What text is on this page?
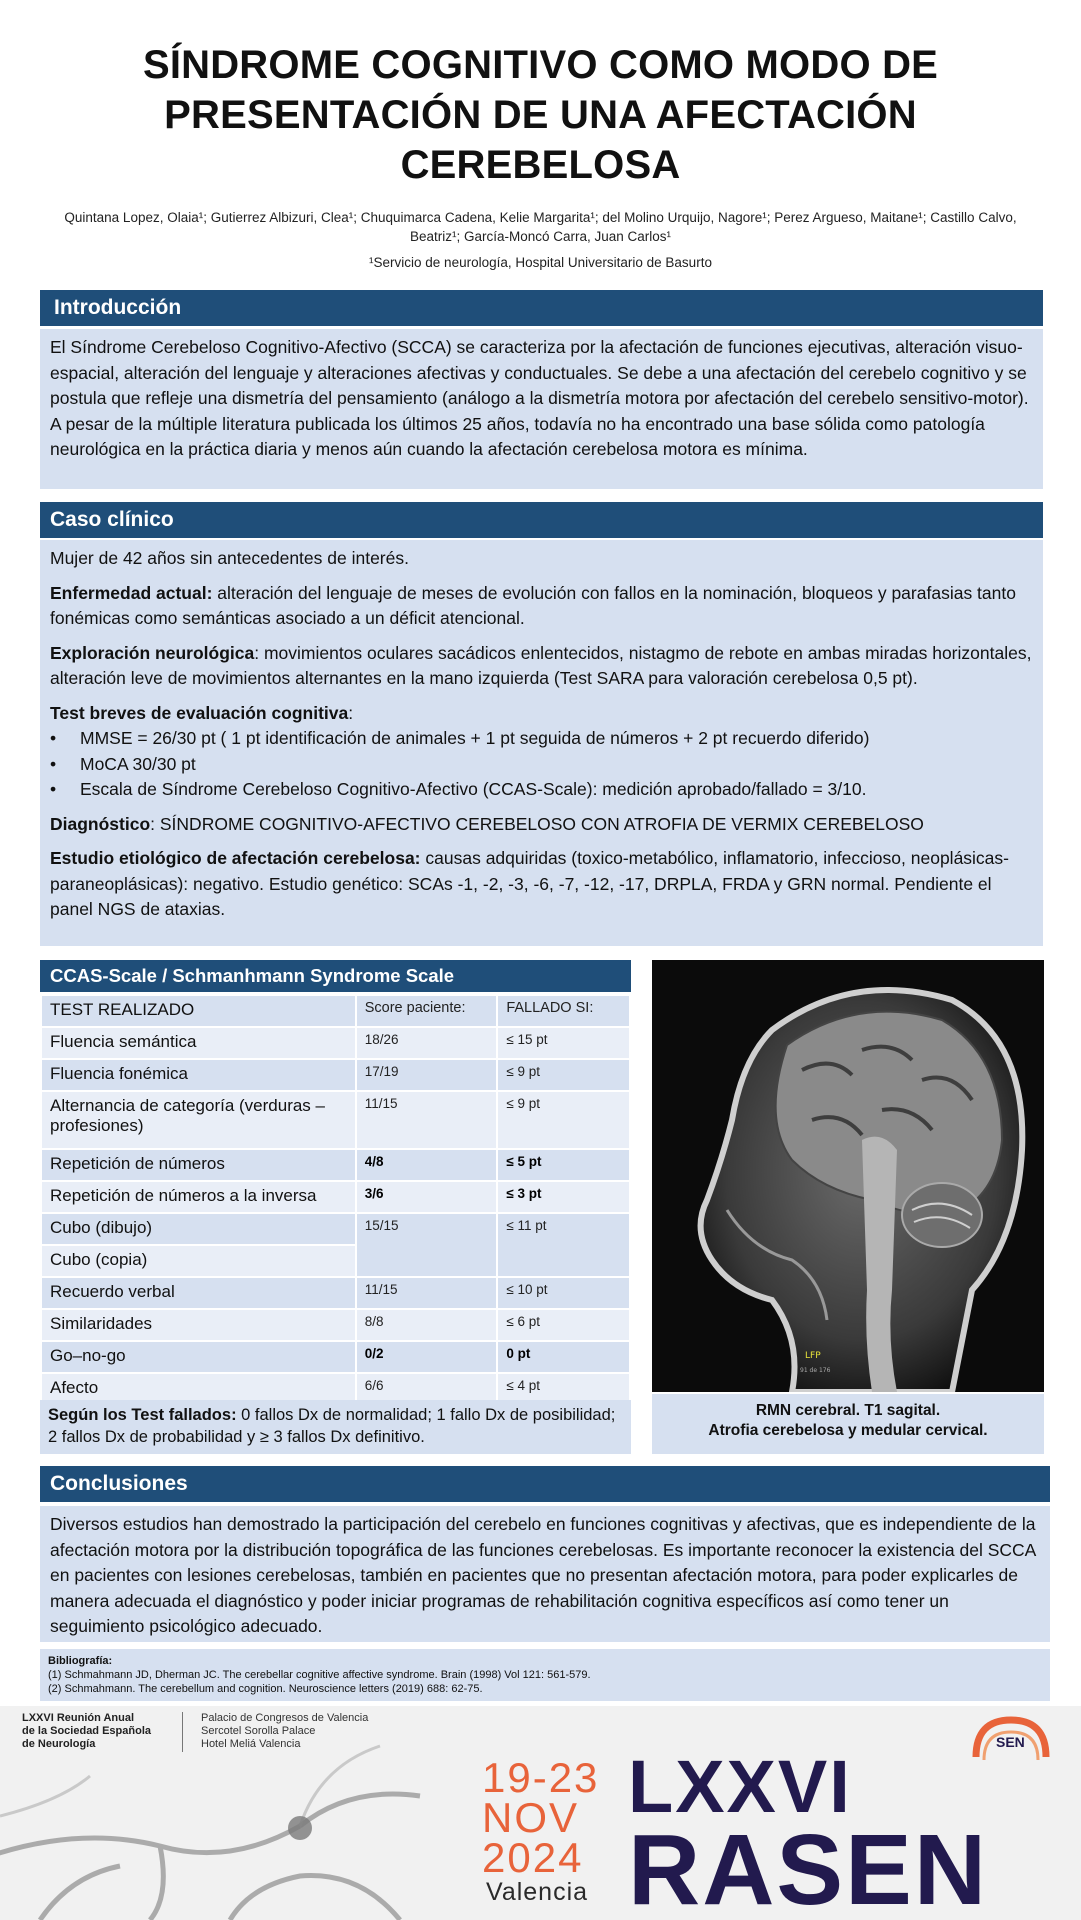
SÍNDROME COGNITIVO COMO MODO DE PRESENTACIÓN DE UNA AFECTACIÓN CEREBELOSA
Quintana Lopez, Olaia¹; Gutierrez Albizuri, Clea¹; Chuquimarca Cadena, Kelie Margarita¹; del Molino Urquijo, Nagore¹; Perez Argueso, Maitane¹; Castillo Calvo, Beatriz¹; García-Moncó Carra, Juan Carlos¹
¹Servicio de neurología, Hospital Universitario de Basurto
Introducción
El Síndrome Cerebeloso Cognitivo-Afectivo (SCCA) se caracteriza por la afectación de funciones ejecutivas, alteración visuo-espacial, alteración del lenguaje y alteraciones afectivas y conductuales. Se debe a una afectación del cerebelo cognitivo y se postula que refleje una dismetría del pensamiento (análogo a la dismetría motora por afectación del cerebelo sensitivo-motor). A pesar de la múltiple literatura publicada los últimos 25 años, todavía no ha encontrado una base sólida como patología neurológica en la práctica diaria y menos aún cuando la afectación cerebelosa motora es mínima.
Caso clínico

Mujer de 42 años sin antecedentes de interés.

Enfermedad actual: alteración del lenguaje de meses de evolución con fallos en la nominación, bloqueos y parafasias tanto fonémicas como semánticas asociado a un déficit atencional.

Exploración neurológica: movimientos oculares sacádicos enlentecidos, nistagmo de rebote en ambas miradas horizontales, alteración leve de movimientos alternantes en la mano izquierda (Test SARA para valoración cerebelosa 0,5 pt).

Test breves de evaluación cognitiva:

• MMSE = 26/30 pt ( 1 pt identificación de animales + 1 pt seguida de números + 2 pt recuerdo diferido)
• MoCA 30/30 pt
• Escala de Síndrome Cerebeloso Cognitivo-Afectivo (CCAS-Scale): medición aprobado/fallado = 3/10.

Diagnóstico: SÍNDROME COGNITIVO-AFECTIVO CEREBELOSO CON ATROFIA DE VERMIX CEREBELOSO

Estudio etiológico de afectación cerebelosa: causas adquiridas (toxico-metabólico, inflamatorio, infeccioso, neoplásicas-paraneoplásicas): negativo. Estudio genético: SCAs -1, -2, -3, -6, -7, -12, -17, DRPLA, FRDA y GRN normal. Pendiente el panel NGS de ataxias.

CCAS-Scale / Schmanhmann Syndrome Scale
TEST REALIZADO	Score paciente:	FALLADO SI:
Fluencia semántica	18/26	≤ 15 pt
Fluencia fonémica	17/19	≤ 9 pt
Alternancia de categoría (verduras – profesiones)	11/15	≤ 9 pt
Repetición de números	4/8	≤ 5 pt
Repetición de números a la inversa	3/6	≤ 3 pt
Cubo (dibujo)	15/15	≤ 11 pt
Cubo (copia)		
Recuerdo verbal	11/15	≤ 10 pt
Similaridades	8/8	≤ 6 pt
Go–no-go	0/2	0 pt
Afecto	6/6	≤ 4 pt
Según los Test fallados: 0 fallos Dx de normalidad; 1 fallo Dx de posibilidad; 2 fallos Dx de probabilidad y ≥ 3 fallos Dx definitivo.
LFP
91 de 176
RMN cerebral. T1 sagital.
Atrofia cerebelosa y medular cervical.
Conclusiones
Diversos estudios han demostrado la participación del cerebelo en funciones cognitivas y afectivas, que es independiente de la afectación motora por la distribución topográfica de las funciones cerebelosas. Es importante reconocer la existencia del SCCA en pacientes con lesiones cerebelosas, también en pacientes que no presentan afectación motora, para poder explicarles de manera adecuada el diagnóstico y poder iniciar programas de rehabilitación cognitiva específicos así como tener un seguimiento psicológico adecuado.
Bibliografía:
(1) Schmahmann JD, Dherman JC. The cerebellar cognitive affective syndrome. Brain (1998) Vol 121: 561-579.
(2) Schmahmann. The cerebellum and cognition. Neuroscience letters (2019) 688: 62-75.
LXXVI Reunión Anual
de la Sociedad Española
de Neurología
Palacio de Congresos de Valencia
Sercotel Sorolla Palace
Hotel Meliá Valencia
19-23
NOV
2024
Valencia
LXXVI
RASEN
SEN
